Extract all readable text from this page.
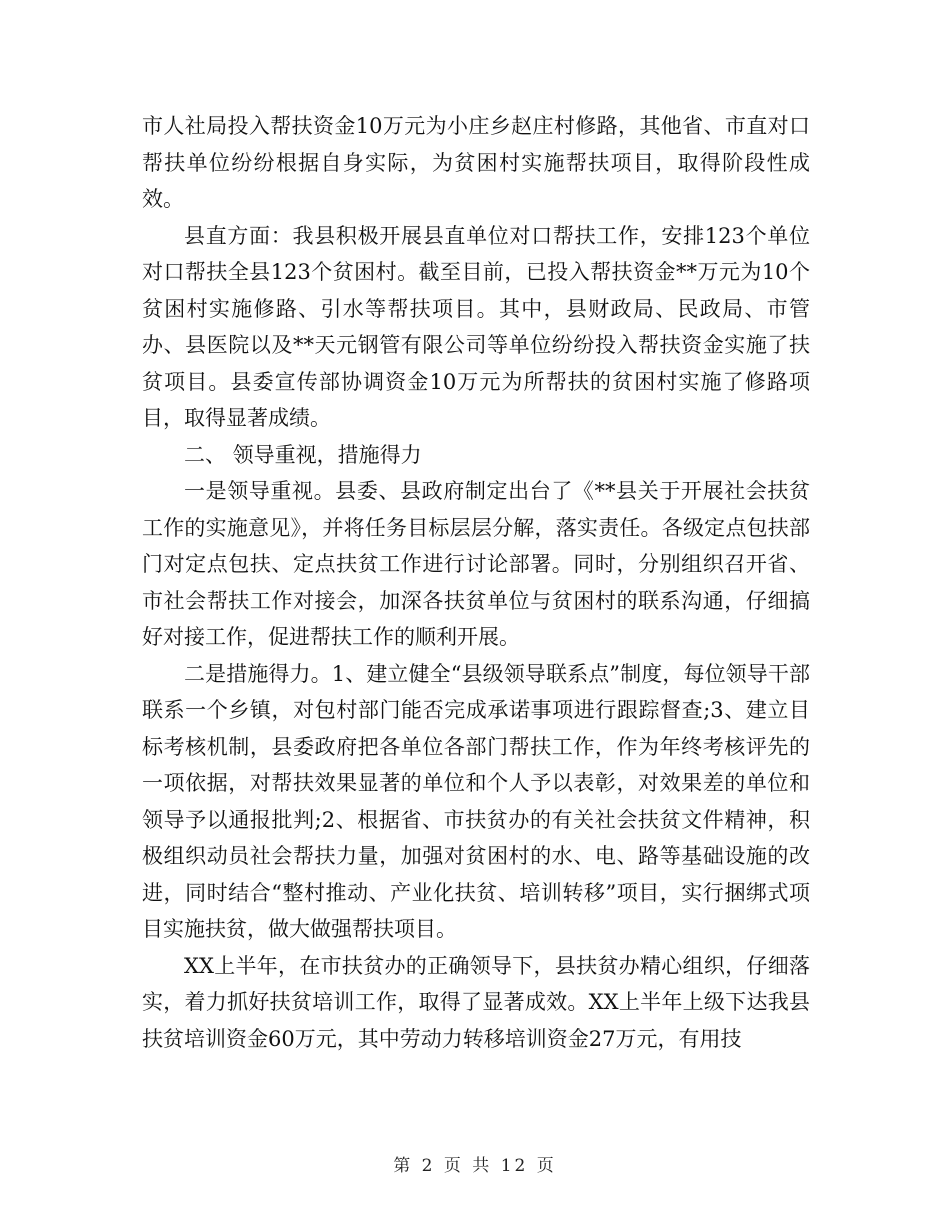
市人社局投入帮扶资金10万元为小庄乡赵庄村修路，其他省、市直对口帮扶单位纷纷根据自身实际，为贫困村实施帮扶项目，取得阶段性成效。

县直方面：我县积极开展县直单位对口帮扶工作，安排123个单位对口帮扶全县123个贫困村。截至目前，已投入帮扶资金**万元为10个贫困村实施修路、引水等帮扶项目。其中，县财政局、民政局、市管办、县医院以及**天元钢管有限公司等单位纷纷投入帮扶资金实施了扶贫项目。县委宣传部协调资金10万元为所帮扶的贫困村实施了修路项目，取得显著成绩。

二、 领导重视，措施得力

一是领导重视。县委、县政府制定出台了《**县关于开展社会扶贫工作的实施意见》，并将任务目标层层分解，落实责任。各级定点包扶部门对定点包扶、定点扶贫工作进行讨论部署。同时，分别组织召开省、市社会帮扶工作对接会，加深各扶贫单位与贫困村的联系沟通，仔细搞好对接工作，促进帮扶工作的顺利开展。

二是措施得力。1、建立健全“县级领导联系点”制度，每位领导干部联系一个乡镇，对包村部门能否完成承诺事项进行跟踪督查;3、建立目标考核机制，县委政府把各单位各部门帮扶工作，作为年终考核评先的一项依据，对帮扶效果显著的单位和个人予以表彰，对效果差的单位和领导予以通报批判;2、根据省、市扶贫办的有关社会扶贫文件精神，积极组织动员社会帮扶力量，加强对贫困村的水、电、路等基础设施的改进，同时结合“整村推动、产业化扶贫、培训转移”项目，实行捆绑式项目实施扶贫，做大做强帮扶项目。

XX上半年，在市扶贫办的正确领导下，县扶贫办精心组织，仔细落实，着力抓好扶贫培训工作，取得了显著成效。XX上半年上级下达我县扶贫培训资金60万元，其中劳动力转移培训资金27万元，有用技

第 2 页 共 12 页
